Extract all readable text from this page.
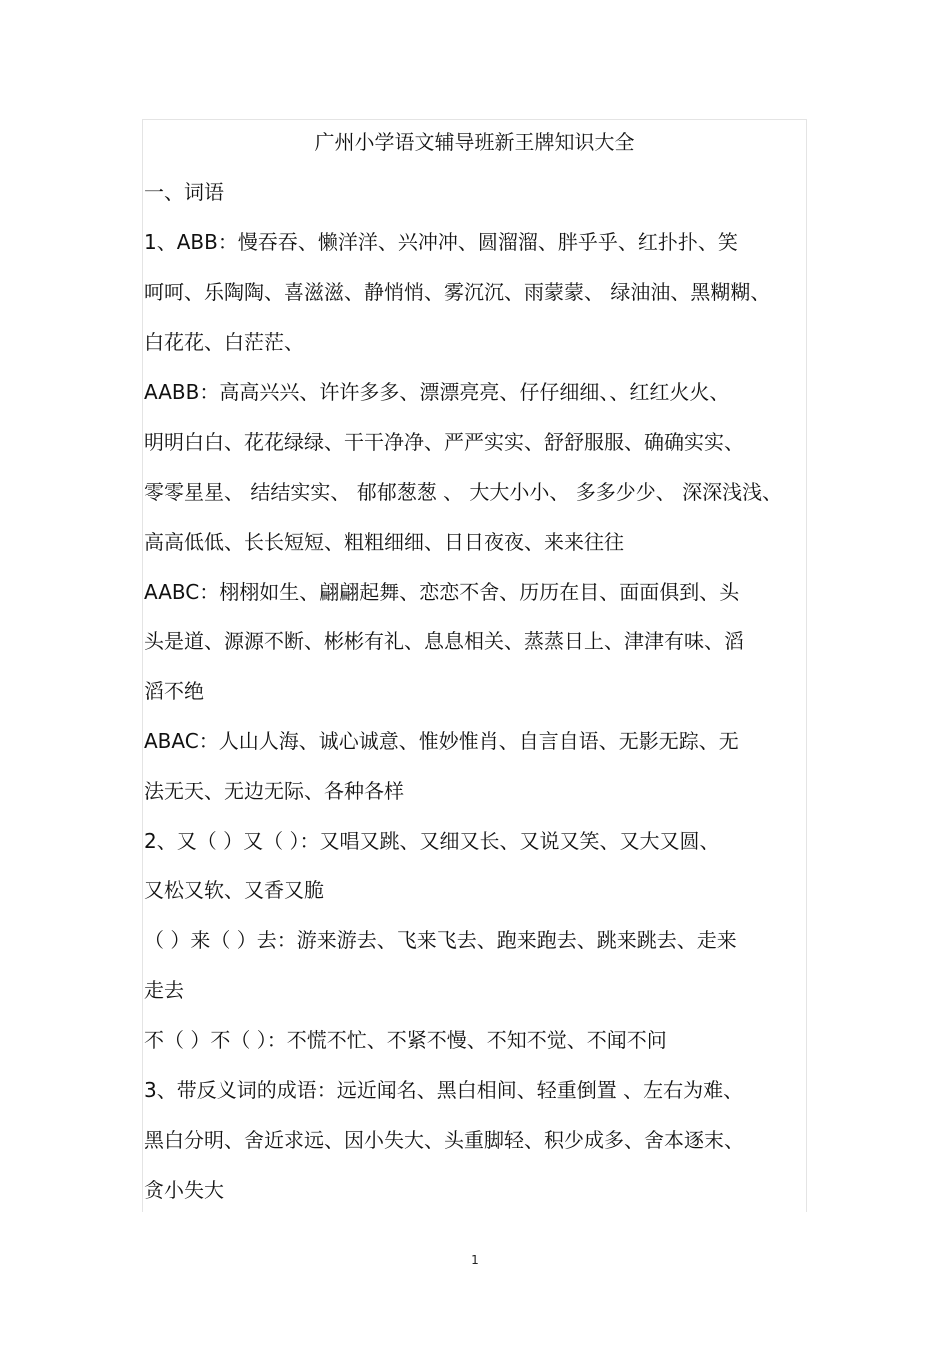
广州小学语文辅导班新王牌知识大全

一、词语

1、ABB：慢吞吞、懒洋洋、兴冲冲、圆溜溜、胖乎乎、红扑扑、笑

呵呵、乐陶陶、喜滋滋、静悄悄、雾沉沉、雨蒙蒙、 绿油油、黑糊糊、

白花花、白茫茫、

AABB：高高兴兴、许许多多、漂漂亮亮、仔仔细细、、红红火火、

明明白白、花花绿绿、干干净净、严严实实、舒舒服服、确确实实、

零零星星、 结结实实、 郁郁葱葱 、 大大小小、 多多少少、 深深浅浅、

高高低低、长长短短、粗粗细细、日日夜夜、来来往往

AABC：栩栩如生、翩翩起舞、恋恋不舍、历历在目、面面俱到、头

头是道、源源不断、彬彬有礼、息息相关、蒸蒸日上、津津有味、滔

滔不绝

ABAC：人山人海、诚心诚意、惟妙惟肖、自言自语、无影无踪、无

法无天、无边无际、各种各样

2、又（ ）又（ ）：又唱又跳、又细又长、又说又笑、又大又圆、

又松又软、又香又脆

（ ）来（ ）去：游来游去、飞来飞去、跑来跑去、跳来跳去、走来

走去

不（ ）不（ ）：不慌不忙、不紧不慢、不知不觉、不闻不问

3、带反义词的成语：远近闻名、黑白相间、轻重倒置 、左右为难、

黑白分明、舍近求远、因小失大、头重脚轻、积少成多、舍本逐末、

贪小失大

1
